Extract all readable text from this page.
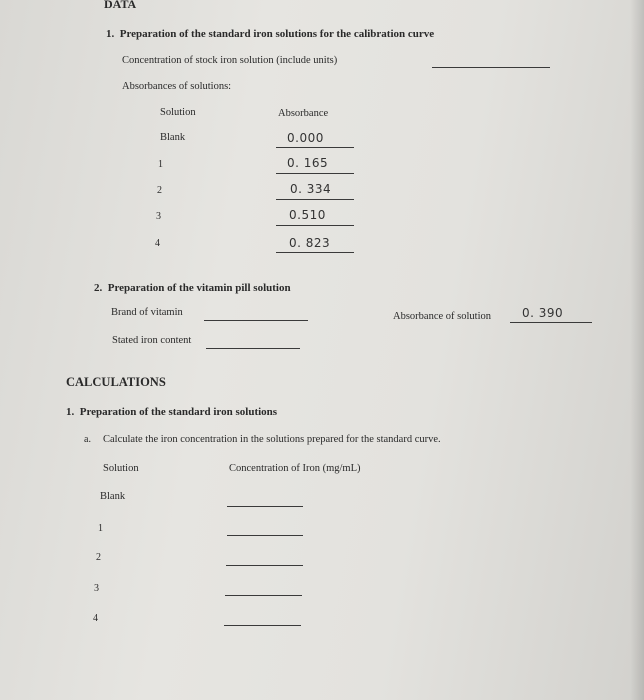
DATA
1.  Preparation of the standard iron solutions for the calibration curve
Concentration of stock iron solution (include units)
Absorbances of solutions:
Solution	Absorbance
Blank	0.000
1	0. 165
2	0. 334
3	0.510
4	0. 823
2.  Preparation of the vitamin pill solution
Brand of vitamin	Absorbance of solution	0. 390
Stated iron content
CALCULATIONS
1.  Preparation of the standard iron solutions
a. Calculate the iron concentration in the solutions prepared for the standard curve.
Solution	Concentration of Iron (mg/mL)
Blank
1
2
3
4
